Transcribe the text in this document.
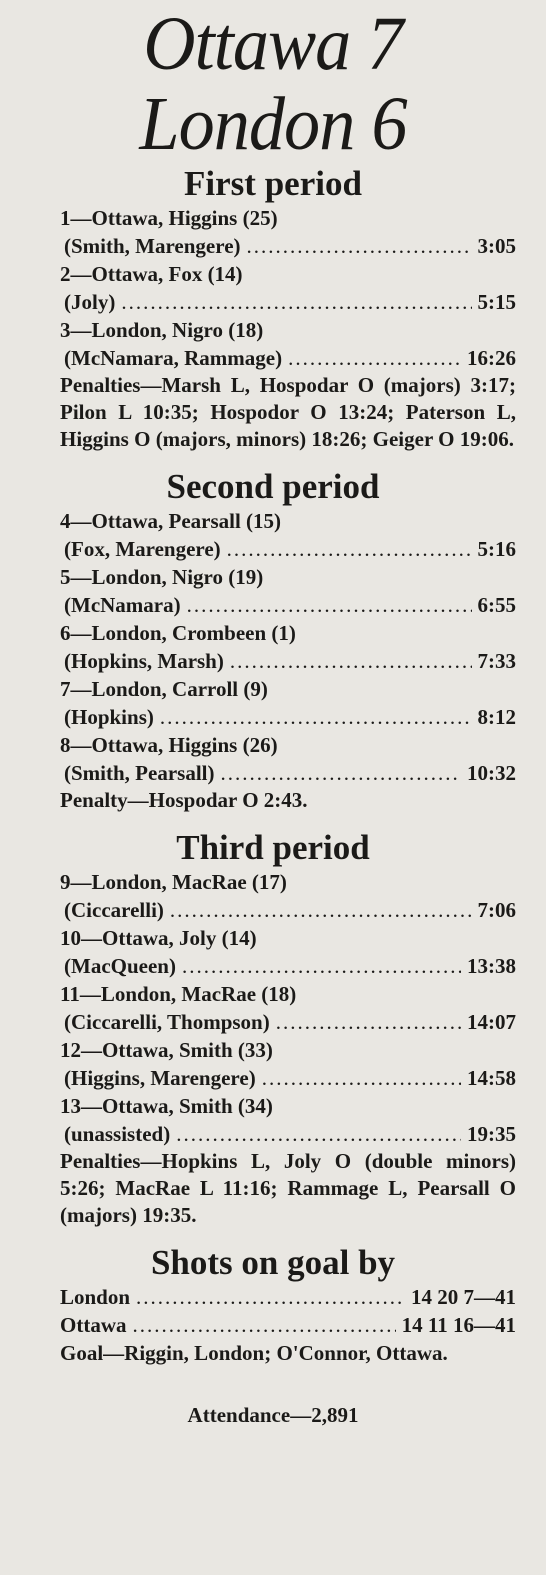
Ottawa 7
London 6
First period
1—Ottawa, Higgins (25)
(Smith, Marengere) .....	3:05
2—Ottawa, Fox (14)
(Joly) .....	5:15
3—London, Nigro (18)
(McNamara, Rammage) .....	16:26
Penalties—Marsh L, Hospodar O (majors) 3:17; Pilon L 10:35; Hospodor O 13:24; Paterson L, Higgins O (majors, minors) 18:26; Geiger O 19:06.
Second period
4—Ottawa, Pearsall (15)
(Fox, Marengere) .....	5:16
5—London, Nigro (19)
(McNamara) .....	6:55
6—London, Crombeen (1)
(Hopkins, Marsh) .....	7:33
7—London, Carroll (9)
(Hopkins) .....	8:12
8—Ottawa, Higgins (26)
(Smith, Pearsall) .....	10:32
Penalty—Hospodar O 2:43.
Third period
9—London, MacRae (17)
(Ciccarelli) .....	7:06
10—Ottawa, Joly (14)
(MacQueen) .....	13:38
11—London, MacRae (18)
(Ciccarelli, Thompson) .....	14:07
12—Ottawa, Smith (33)
(Higgins, Marengere) .....	14:58
13—Ottawa, Smith (34)
(unassisted) .....	19:35
Penalties—Hopkins L, Joly O (double minors) 5:26; MacRae L 11:16; Rammage L, Pearsall O (majors) 19:35.
Shots on goal by
London .....	14 20 7—41
Ottawa .....	14 11 16—41
Goal—Riggin, London; O'Connor, Ottawa.
Attendance—2,891
